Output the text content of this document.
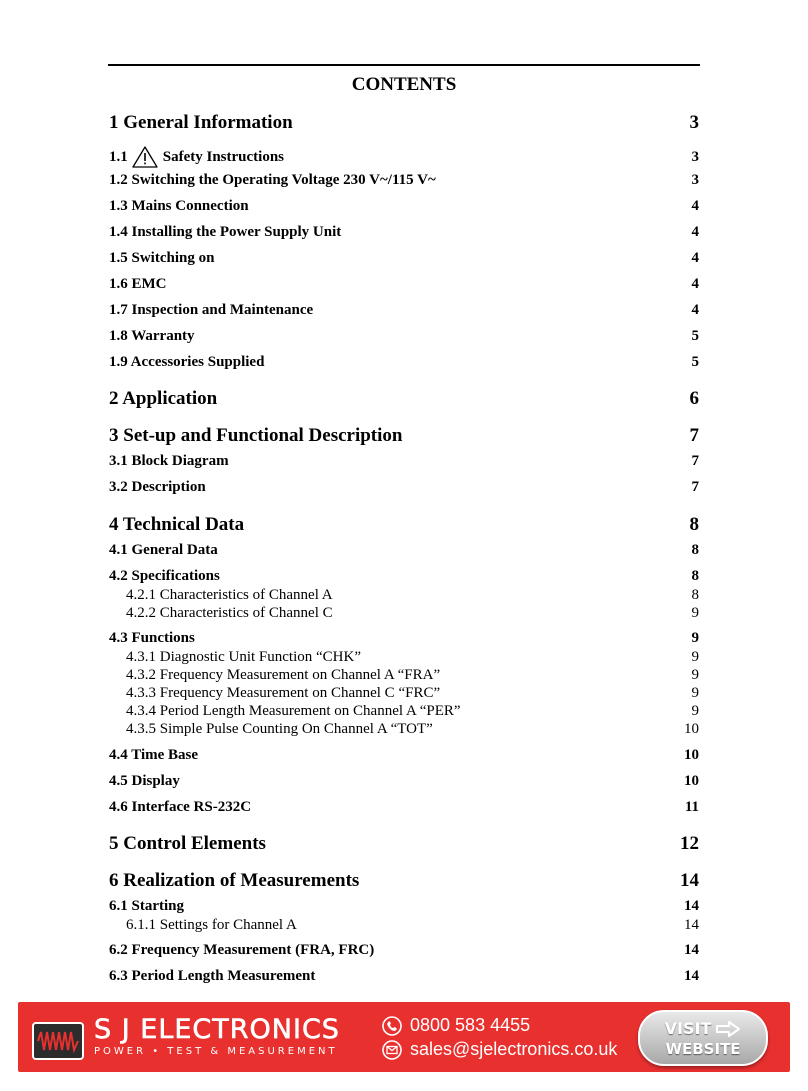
CONTENTS
1 General Information	3
1.1 Safety Instructions	3
1.2 Switching the Operating Voltage 230 V~/115 V~	3
1.3 Mains Connection	4
1.4 Installing the Power Supply Unit	4
1.5 Switching on	4
1.6 EMC	4
1.7 Inspection and Maintenance	4
1.8 Warranty	5
1.9 Accessories Supplied	5
2 Application	6
3 Set-up and Functional Description	7
3.1 Block Diagram	7
3.2 Description	7
4 Technical Data	8
4.1 General Data	8
4.2 Specifications	8
4.2.1 Characteristics of Channel A	8
4.2.2 Characteristics of Channel C	9
4.3 Functions	9
4.3.1 Diagnostic Unit Function “CHK”	9
4.3.2 Frequency Measurement on Channel A “FRA”	9
4.3.3 Frequency Measurement on Channel C “FRC”	9
4.3.4 Period Length Measurement on Channel A “PER”	9
4.3.5 Simple Pulse Counting On Channel A “TOT”	10
4.4 Time Base	10
4.5 Display	10
4.6 Interface RS-232C	11
5 Control Elements	12
6 Realization of Measurements	14
6.1 Starting	14
6.1.1 Settings for Channel A	14
6.2 Frequency Measurement (FRA, FRC)	14
6.3 Period Length Measurement	14
S J ELECTRONICS
POWER • TEST & MEASUREMENT
0800 583 4455
sales@sjelectronics.co.uk
VISIT
WEBSITE
